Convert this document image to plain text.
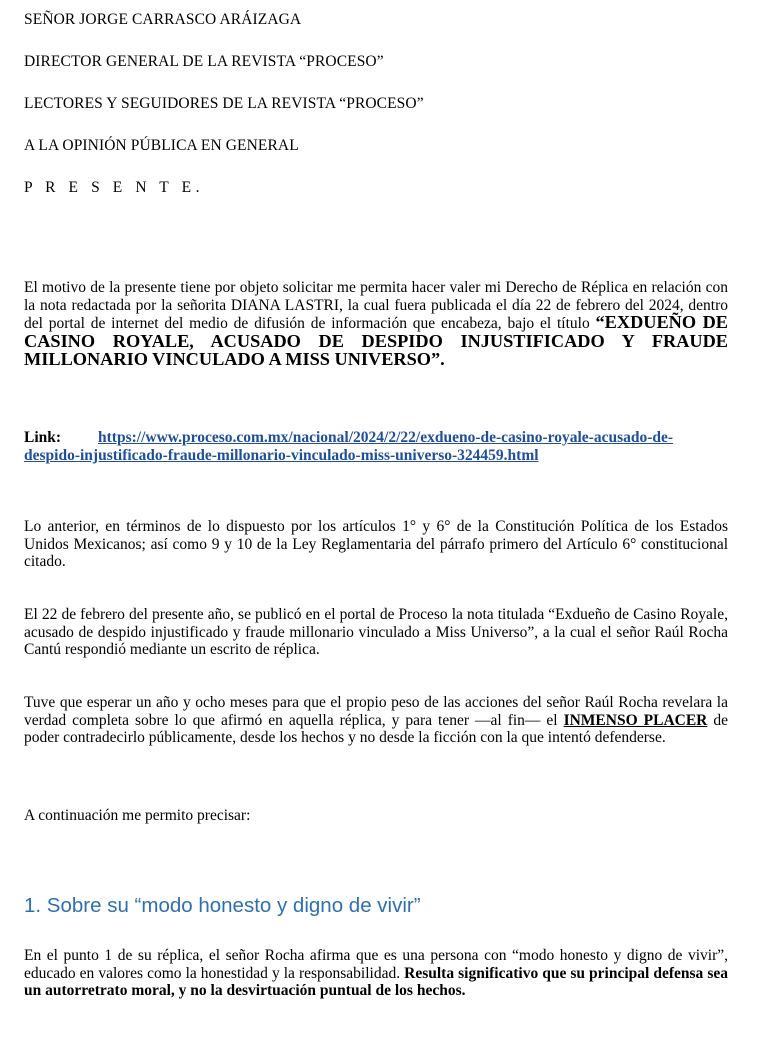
SEÑOR JORGE CARRASCO ARÁIZAGA
DIRECTOR GENERAL DE LA REVISTA “PROCESO”
LECTORES Y SEGUIDORES DE LA REVISTA “PROCESO”
A LA OPINIÓN PÚBLICA EN GENERAL
P R E S E N T E.
El motivo de la presente tiene por objeto solicitar me permita hacer valer mi Derecho de Réplica en relación con la nota redactada por la señorita DIANA LASTRI, la cual fuera publicada el día 22 de febrero del 2024, dentro del portal de internet del medio de difusión de información que encabeza, bajo el título “EXDUEÑO DE CASINO ROYALE, ACUSADO DE DESPIDO INJUSTIFICADO Y FRAUDE MILLONARIO VINCULADO A MISS UNIVERSO”.
Link: https://www.proceso.com.mx/nacional/2024/2/22/exdueno-de-casino-royale-acusado-de-despido-injustificado-fraude-millonario-vinculado-miss-universo-324459.html
Lo anterior, en términos de lo dispuesto por los artículos 1° y 6° de la Constitución Política de los Estados Unidos Mexicanos; así como 9 y 10 de la Ley Reglamentaria del párrafo primero del Artículo 6° constitucional citado.
El 22 de febrero del presente año, se publicó en el portal de Proceso la nota titulada “Exdueño de Casino Royale, acusado de despido injustificado y fraude millonario vinculado a Miss Universo”, a la cual el señor Raúl Rocha Cantú respondió mediante un escrito de réplica.
Tuve que esperar un año y ocho meses para que el propio peso de las acciones del señor Raúl Rocha revelara la verdad completa sobre lo que afirmó en aquella réplica, y para tener —al fin— el INMENSO PLACER de poder contradecirlo públicamente, desde los hechos y no desde la ficción con la que intentó defenderse.
A continuación me permito precisar:
1. Sobre su “modo honesto y digno de vivir”
En el punto 1 de su réplica, el señor Rocha afirma que es una persona con “modo honesto y digno de vivir”, educado en valores como la honestidad y la responsabilidad. Resulta significativo que su principal defensa sea un autorretrato moral, y no la desvirtuación puntual de los hechos.
